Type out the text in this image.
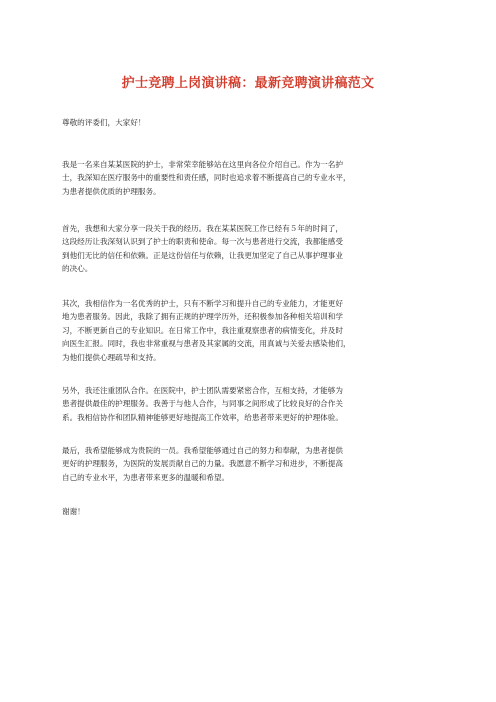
护士竞聘上岗演讲稿：最新竞聘演讲稿范文

尊敬的评委们，大家好！

我是一名来自某某医院的护士，非常荣幸能够站在这里向各位介绍自己。作为一名护
士，我深知在医疗服务中的重要性和责任感，同时也追求着不断提高自己的专业水平，
为患者提供优质的护理服务。

首先，我想和大家分享一段关于我的经历。我在某某医院工作已经有５年的时间了，
这段经历让我深刻认识到了护士的职责和使命。每一次与患者进行交流，我都能感受
到他们无比的信任和依赖。正是这份信任与依赖，让我更加坚定了自己从事护理事业
的决心。

其次，我相信作为一名优秀的护士，只有不断学习和提升自己的专业能力，才能更好
地为患者服务。因此，我除了拥有正规的护理学历外，还积极参加各种相关培训和学
习，不断更新自己的专业知识。在日常工作中，我注重观察患者的病情变化，并及时
向医生汇报。同时，我也非常重视与患者及其家属的交流，用真诚与关爱去感染他们，
为他们提供心理疏导和支持。

另外，我还注重团队合作。在医院中，护士团队需要紧密合作，互相支持，才能够为
患者提供最佳的护理服务。我善于与他人合作，与同事之间形成了比较良好的合作关
系。我相信协作和团队精神能够更好地提高工作效率，给患者带来更好的护理体验。

最后，我希望能够成为贵院的一员。我希望能够通过自己的努力和奉献，为患者提供
更好的护理服务，为医院的发展贡献自己的力量。我愿意不断学习和进步，不断提高
自己的专业水平，为患者带来更多的温暖和希望。

谢谢！
